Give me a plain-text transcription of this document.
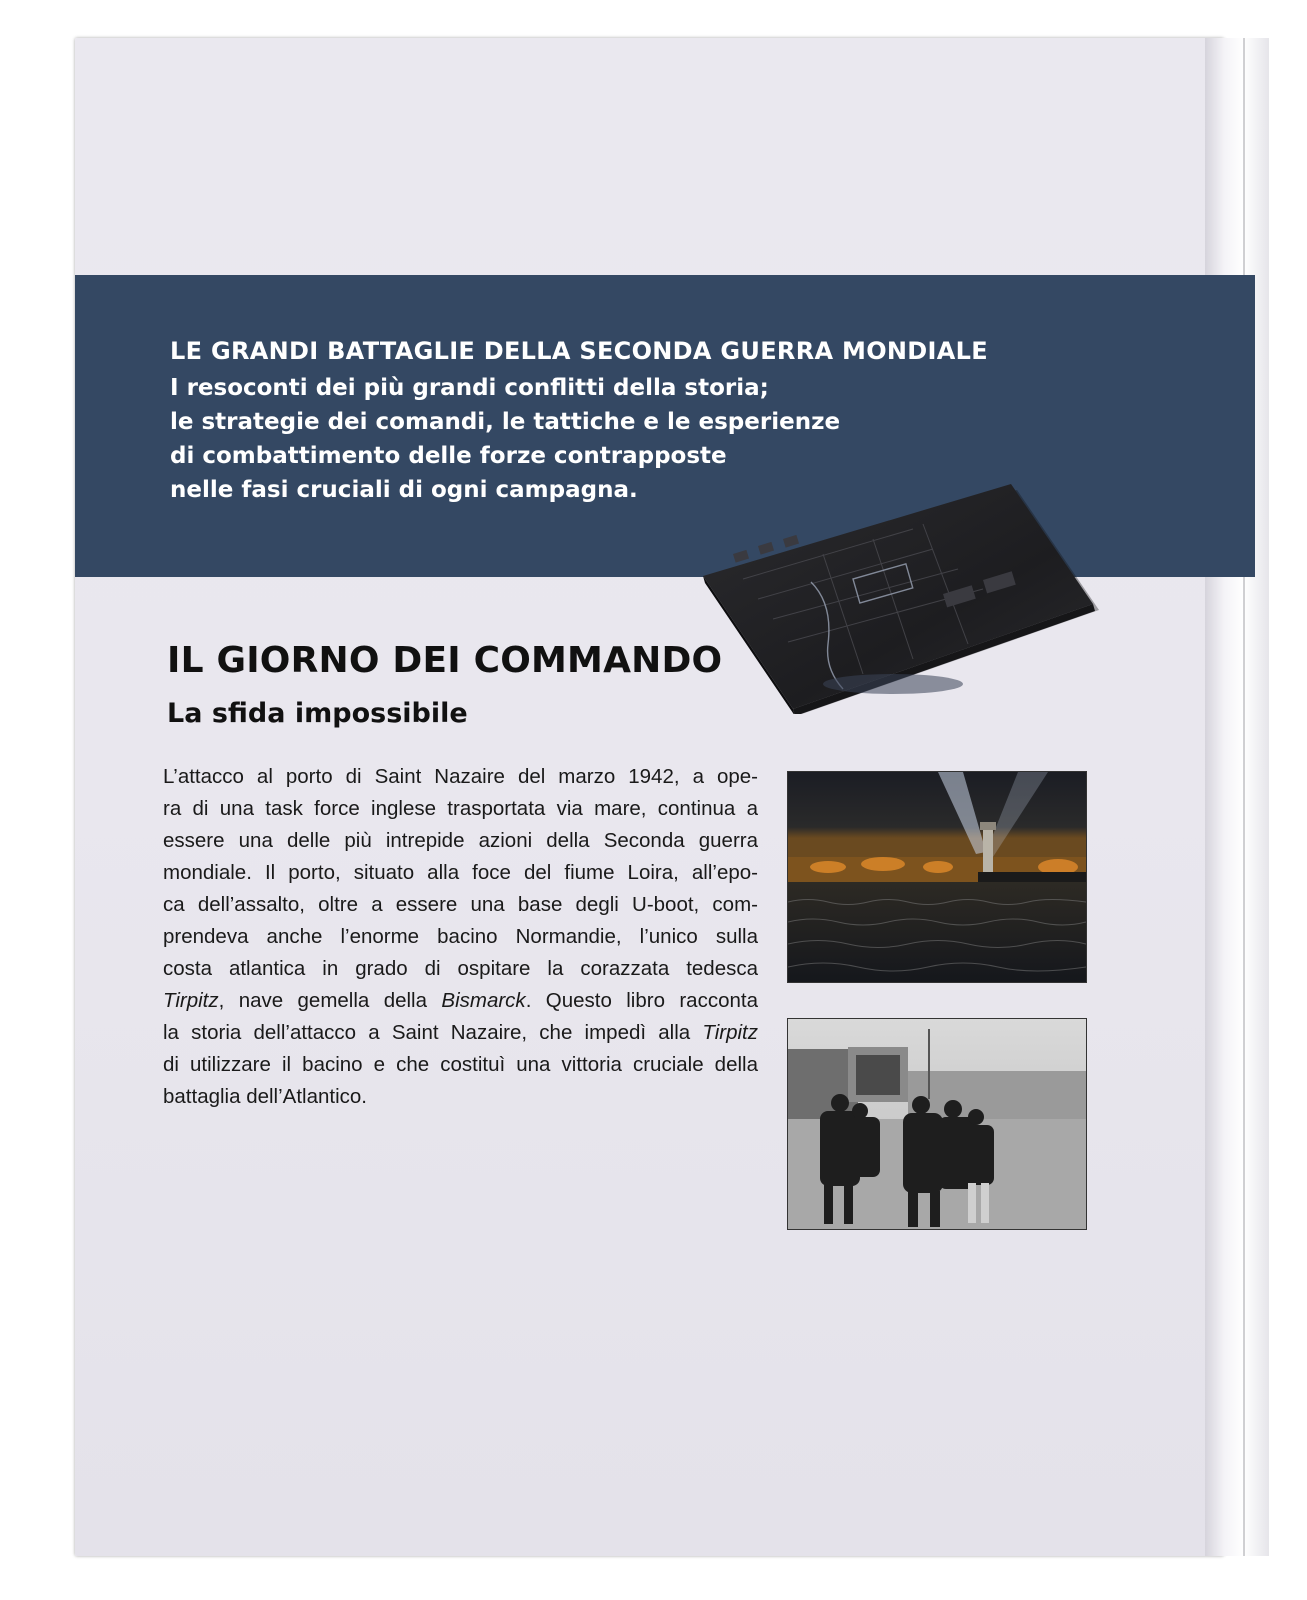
LE GRANDI BATTAGLIE DELLA SECONDA GUERRA MONDIALE

I resoconti dei più grandi conflitti della storia;
le strategie dei comandi, le tattiche e le esperienze
di combattimento delle forze contrapposte
nelle fasi cruciali di ogni campagna.

IL GIORNO DEI COMMANDO
La sfida impossibile

L’attacco al porto di Saint Nazaire del marzo 1942, a ope-
ra di una task force inglese trasportata via mare, continua a
essere una delle più intrepide azioni della Seconda guerra
mondiale. Il porto, situato alla foce del fiume Loira, all’epo-
ca dell’assalto, oltre a essere una base degli U-boot, com-
prendeva anche l’enorme bacino Normandie, l’unico sulla
costa atlantica in grado di ospitare la corazzata tedesca
Tirpitz, nave gemella della Bismarck. Questo libro racconta
la storia dell’attacco a Saint Nazaire, che impedì alla Tirpitz
di utilizzare il bacino e che costituì una vittoria cruciale della
battaglia dell’Atlantico.
